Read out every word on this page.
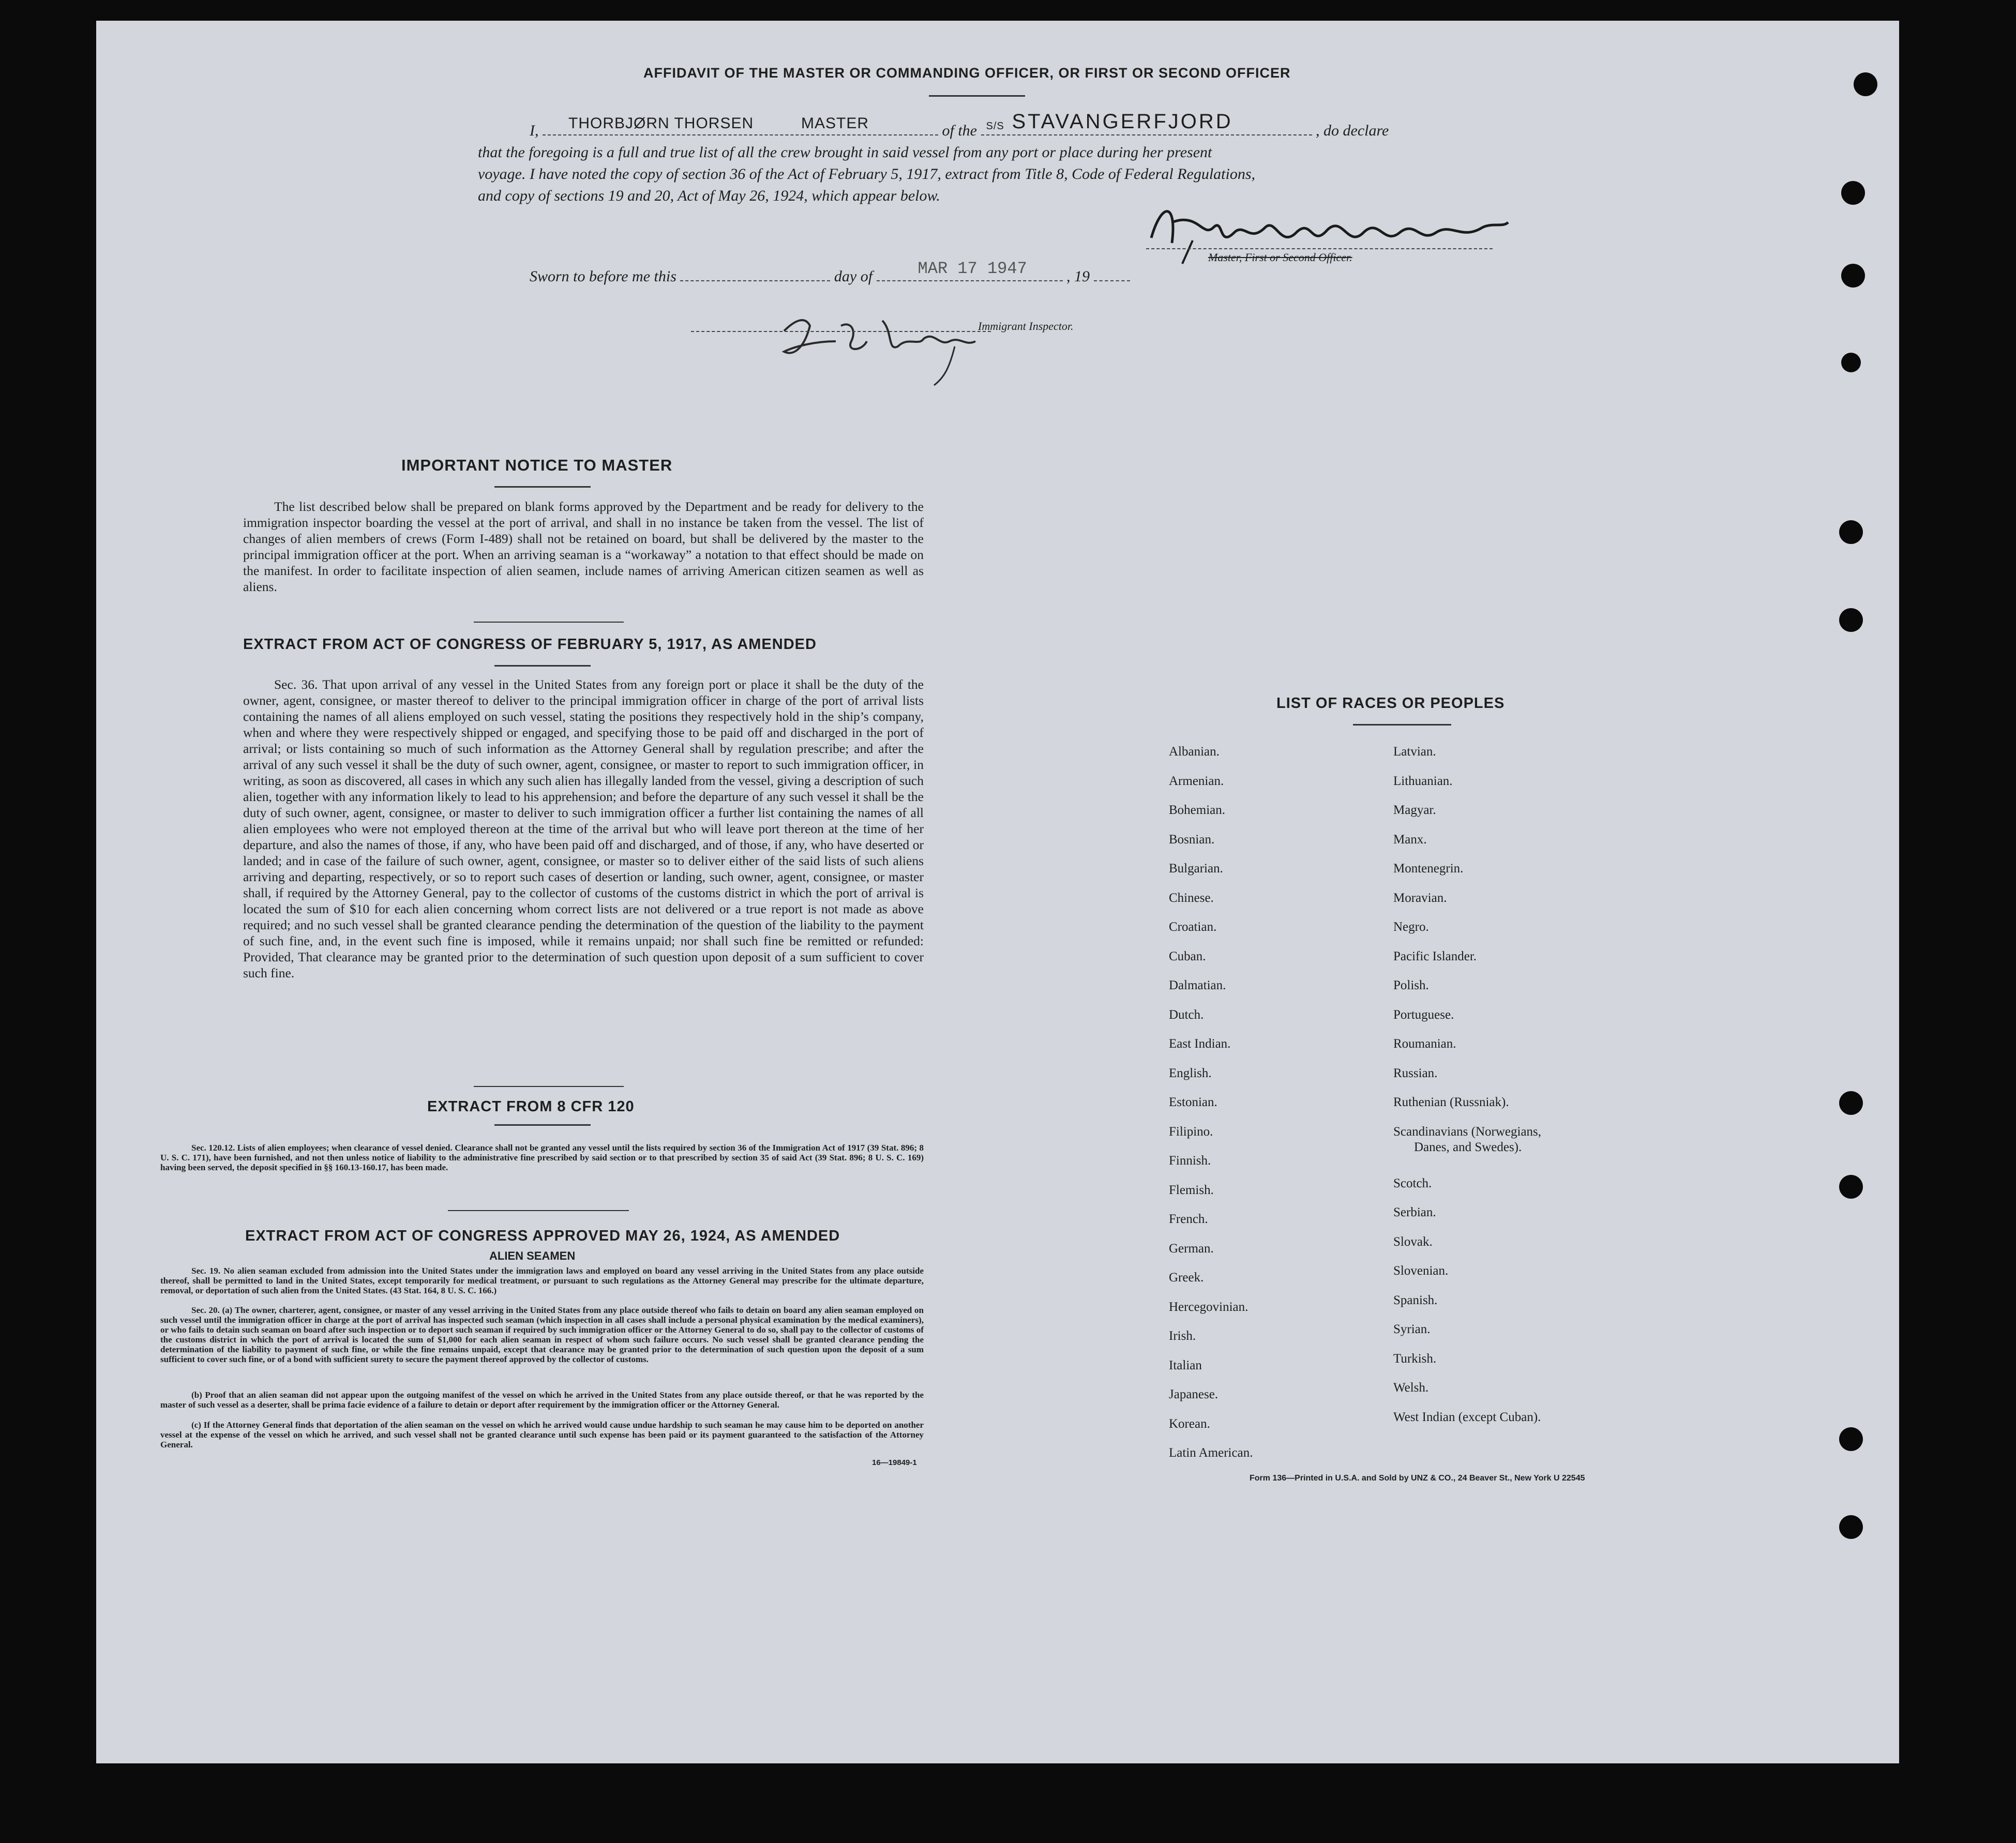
AFFIDAVIT OF THE MASTER OR COMMANDING OFFICER, OR FIRST OR SECOND OFFICER
I, THORBJØRN THORSEN	MASTER	of the S/S STAVANGERFJORD	, do declare
that the foregoing is a full and true list of all the crew brought in said vessel from any port or place during her present
voyage. I have noted the copy of section 36 of the Act of February 5, 1917, extract from Title 8, Code of Federal Regulations,
and copy of sections 19 and 20, Act of May 26, 1924, which appear below.
Master, First or Second Officer.
Sworn to before me this	day of	MAR 17 1947	, 19
Immigrant Inspector.
IMPORTANT NOTICE TO MASTER
The list described below shall be prepared on blank forms approved by the Department and be ready for delivery to the immigration inspector boarding the vessel at the port of arrival, and shall in no instance be taken from the vessel. The list of changes of alien members of crews (Form I-489) shall not be retained on board, but shall be delivered by the master to the principal immigration officer at the port. When an arriving seaman is a “workaway” a notation to that effect should be made on the manifest. In order to facilitate inspection of alien seamen, include names of arriving American citizen seamen as well as aliens.
EXTRACT FROM ACT OF CONGRESS OF FEBRUARY 5, 1917, AS AMENDED
Sec. 36. That upon arrival of any vessel in the United States from any foreign port or place it shall be the duty of the owner, agent, consignee, or master thereof to deliver to the principal immigration officer in charge of the port of arrival lists containing the names of all aliens employed on such vessel, stating the positions they respectively hold in the ship’s company, when and where they were respectively shipped or engaged, and specifying those to be paid off and discharged in the port of arrival; or lists containing so much of such information as the Attorney General shall by regulation prescribe; and after the arrival of any such vessel it shall be the duty of such owner, agent, consignee, or master to report to such immigration officer, in writing, as soon as discovered, all cases in which any such alien has illegally landed from the vessel, giving a description of such alien, together with any information likely to lead to his apprehension; and before the departure of any such vessel it shall be the duty of such owner, agent, consignee, or master to deliver to such immigration officer a further list containing the names of all alien employees who were not employed thereon at the time of the arrival but who will leave port thereon at the time of her departure, and also the names of those, if any, who have been paid off and discharged, and of those, if any, who have deserted or landed; and in case of the failure of such owner, agent, consignee, or master so to deliver either of the said lists of such aliens arriving and departing, respectively, or so to report such cases of desertion or landing, such owner, agent, consignee, or master shall, if required by the Attorney General, pay to the collector of customs of the customs district in which the port of arrival is located the sum of $10 for each alien concerning whom correct lists are not delivered or a true report is not made as above required; and no such vessel shall be granted clearance pending the determination of the question of the liability to the payment of such fine, and, in the event such fine is imposed, while it remains unpaid; nor shall such fine be remitted or refunded: Provided, That clearance may be granted prior to the determination of such question upon deposit of a sum sufficient to cover such fine.
EXTRACT FROM 8 CFR 120
Sec. 120.12. Lists of alien employees; when clearance of vessel denied. Clearance shall not be granted any vessel until the lists required by section 36 of the Immigration Act of 1917 (39 Stat. 896; 8 U. S. C. 171), have been furnished, and not then unless notice of liability to the administrative fine prescribed by said section or to that prescribed by section 35 of said Act (39 Stat. 896; 8 U. S. C. 169) having been served, the deposit specified in §§ 160.13-160.17, has been made.
EXTRACT FROM ACT OF CONGRESS APPROVED MAY 26, 1924, AS AMENDED
ALIEN SEAMEN
Sec. 19. No alien seaman excluded from admission into the United States under the immigration laws and employed on board any vessel arriving in the United States from any place outside thereof, shall be permitted to land in the United States, except temporarily for medical treatment, or pursuant to such regulations as the Attorney General may prescribe for the ultimate departure, removal, or deportation of such alien from the United States. (43 Stat. 164, 8 U. S. C. 166.)
Sec. 20. (a) The owner, charterer, agent, consignee, or master of any vessel arriving in the United States from any place outside thereof who fails to detain on board any alien seaman employed on such vessel until the immigration officer in charge at the port of arrival has inspected such seaman (which inspection in all cases shall include a personal physical examination by the medical examiners), or who fails to detain such seaman on board after such inspection or to deport such seaman if required by such immigration officer or the Attorney General to do so, shall pay to the collector of customs of the customs district in which the port of arrival is located the sum of $1,000 for each alien seaman in respect of whom such failure occurs. No such vessel shall be granted clearance pending the determination of the liability to payment of such fine, or while the fine remains unpaid, except that clearance may be granted prior to the determination of such question upon the deposit of a sum sufficient to cover such fine, or of a bond with sufficient surety to secure the payment thereof approved by the collector of customs.
(b) Proof that an alien seaman did not appear upon the outgoing manifest of the vessel on which he arrived in the United States from any place outside thereof, or that he was reported by the master of such vessel as a deserter, shall be prima facie evidence of a failure to detain or deport after requirement by the immigration officer or the Attorney General.
(c) If the Attorney General finds that deportation of the alien seaman on the vessel on which he arrived would cause undue hardship to such seaman he may cause him to be deported on another vessel at the expense of the vessel on which he arrived, and such vessel shall not be granted clearance until such expense has been paid or its payment guaranteed to the satisfaction of the Attorney General.
16—19849-1
LIST OF RACES OR PEOPLES
Albanian.
Armenian.
Bohemian.
Bosnian.
Bulgarian.
Chinese.
Croatian.
Cuban.
Dalmatian.
Dutch.
East Indian.
English.
Estonian.
Filipino.
Finnish.
Flemish.
French.
German.
Greek.
Hercegovinian.
Irish.
Italian
Japanese.
Korean.
Latin American.
Latvian.
Lithuanian.
Magyar.
Manx.
Montenegrin.
Moravian.
Negro.
Pacific Islander.
Polish.
Portuguese.
Roumanian.
Russian.
Ruthenian (Russniak).
Scandinavians (Norwegians,
Danes, and Swedes).
Scotch.
Serbian.
Slovak.
Slovenian.
Spanish.
Syrian.
Turkish.
Welsh.
West Indian (except Cuban).
Form 136—Printed in U.S.A. and Sold by UNZ & CO., 24 Beaver St., New York U 22545
